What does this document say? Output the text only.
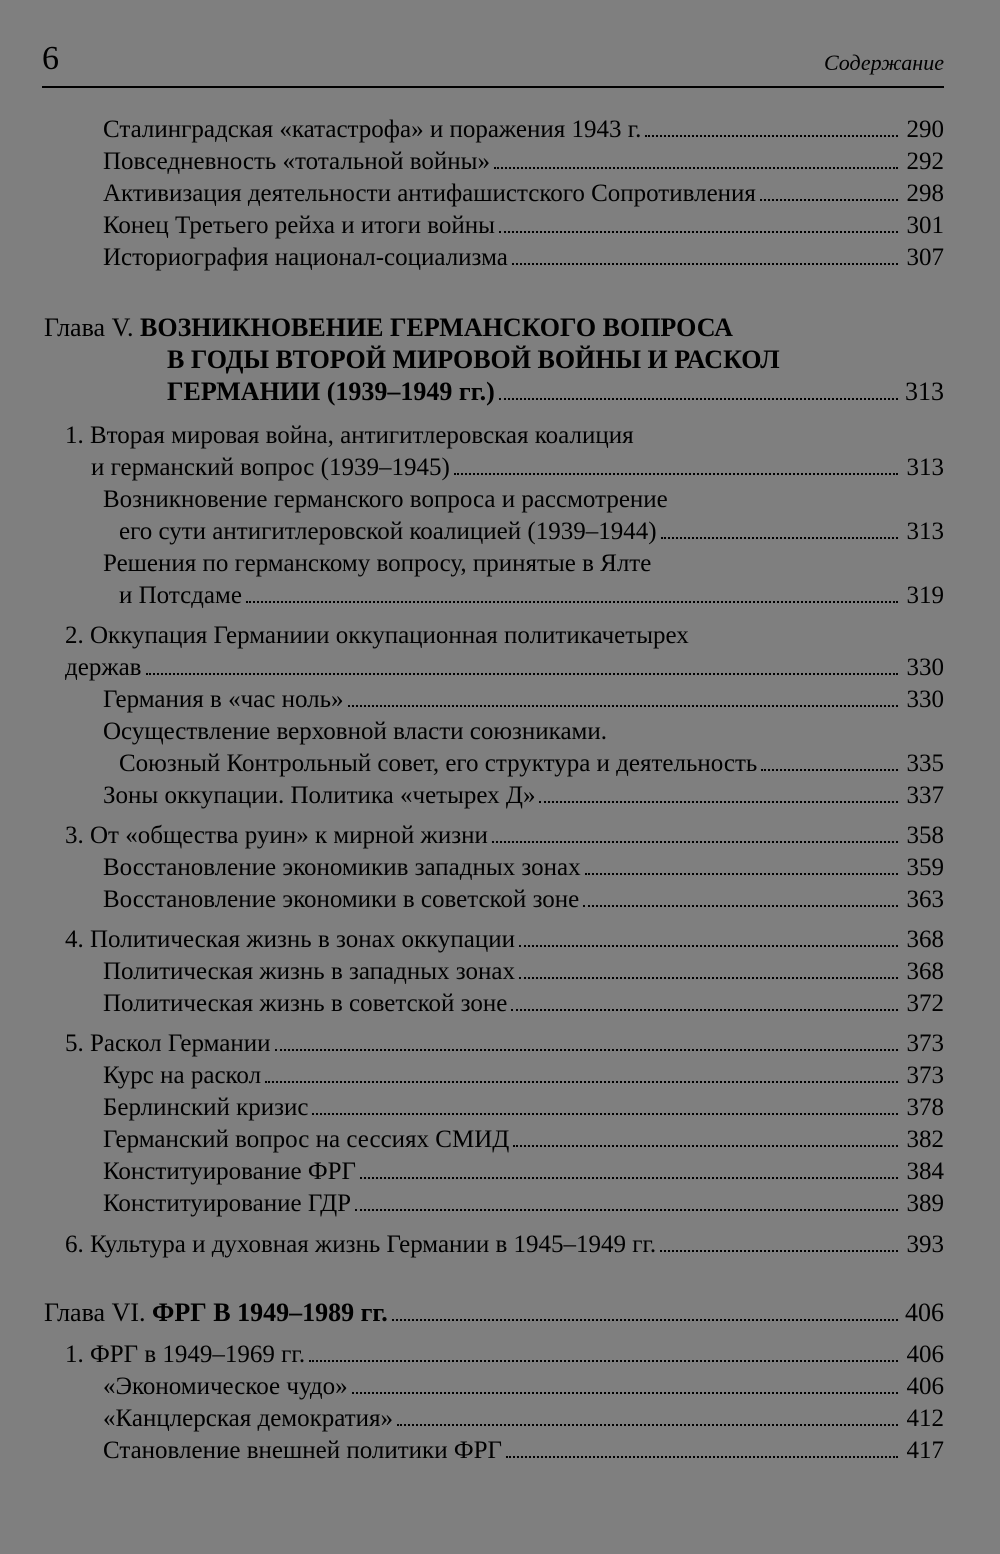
6	Содержание
Сталинградская «катастрофа» и поражения 1943 г.	290
Повседневность «тотальной войны»	292
Активизация деятельности антифашистского Сопротивления	298
Конец Третьего рейха и итоги войны	301
Историография национал-социализма	307
Глава V. ВОЗНИКНОВЕНИЕ ГЕРМАНСКОГО ВОПРОСА
В ГОДЫ ВТОРОЙ МИРОВОЙ ВОЙНЫ И РАСКОЛ
ГЕРМАНИИ (1939–1949 гг.)	313
1. Вторая мировая война, антигитлеровская коалиция
и германский вопрос (1939–1945)	313
Возникновение германского вопроса и рассмотрение
его сути антигитлеровской коалицией (1939–1944)	313
Решения по германскому вопросу, принятые в Ялте
и Потсдаме	319
2. Оккупация Германиии оккупационная политикачетырех
держав	330
Германия в «час ноль»	330
Осуществление верховной власти союзниками.
Союзный Контрольный совет, его структура и деятельность	335
Зоны оккупации. Политика «четырех Д»	337
3. От «общества руин» к мирной жизни	358
Восстановление экономикив западных зонах	359
Восстановление экономики в советской зоне	363
4. Политическая жизнь в зонах оккупации	368
Политическая жизнь в западных зонах	368
Политическая жизнь в советской зоне	372
5. Раскол Германии	373
Курс на раскол	373
Берлинский кризис	378
Германский вопрос на сессиях СМИД	382
Конституирование ФРГ	384
Конституирование ГДР	389
6. Культура и духовная жизнь Германии в 1945–1949 гг.	393
Глава VI. ФРГ В 1949–1989 гг.	406
1. ФРГ в 1949–1969 гг.	406
«Экономическое чудо»	406
«Канцлерская демократия»	412
Становление внешней политики ФРГ	417
